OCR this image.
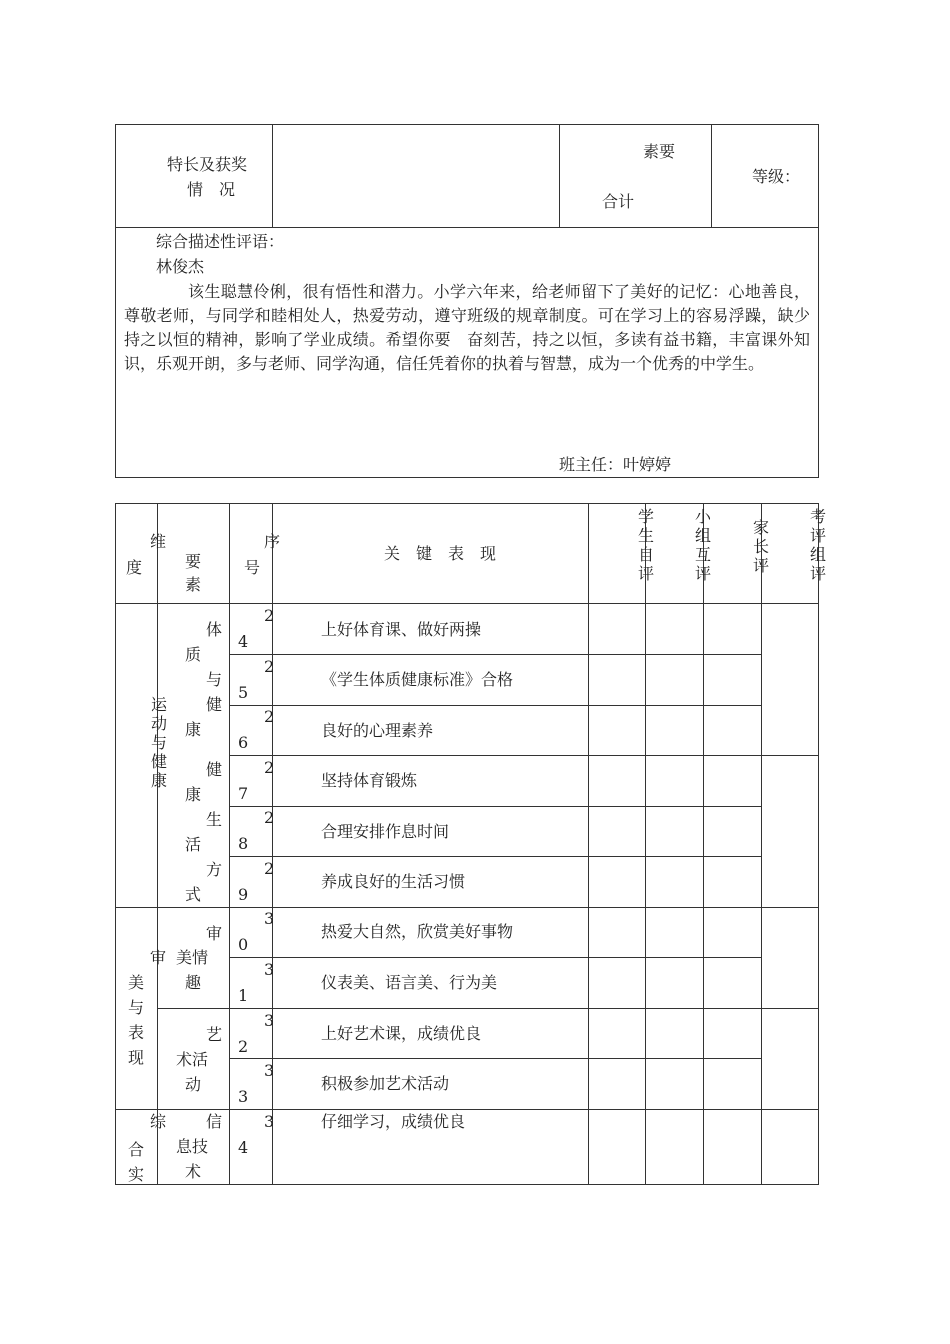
特长及获奖
情　况
素要
合计
等级：
综合描述性评语：
林俊杰
该生聪慧伶俐，很有悟性和潜力。小学六年来，给老师留下了美好的记忆：心地善良，尊敬老师，与同学和睦相处人，热爱劳动，遵守班级的规章制度。可在学习上的容易浮躁，缺少持之以恒的精神，影响了学业成绩。希望你要　奋刻苦，持之以恒，多读有益书籍，丰富课外知识，乐观开朗，多与老师、同学沟通，信任凭着你的执着与智慧，成为一个优秀的中学生。
班主任：叶婷婷
维
度	要
素
序
号
关　键　表　现
学生自评
小组互评
家长评
考评组评
运动与健康
审
美与表现
综
合实
体
质
与
健
康
健
康
生
活
方
式
审
美情
趣
艺
术活
动
信
息技
术
2
4
上好体育课、做好两操
2
5
《学生体质健康标准》合格
2
6
良好的心理素养
2
7
坚持体育锻炼
2
8
合理安排作息时间
2
9
养成良好的生活习惯
3
0
热爱大自然，欣赏美好事物
3
1
仪表美、语言美、行为美
3
2
上好艺术课，成绩优良
3
3
积极参加艺术活动
3
4
仔细学习，成绩优良
